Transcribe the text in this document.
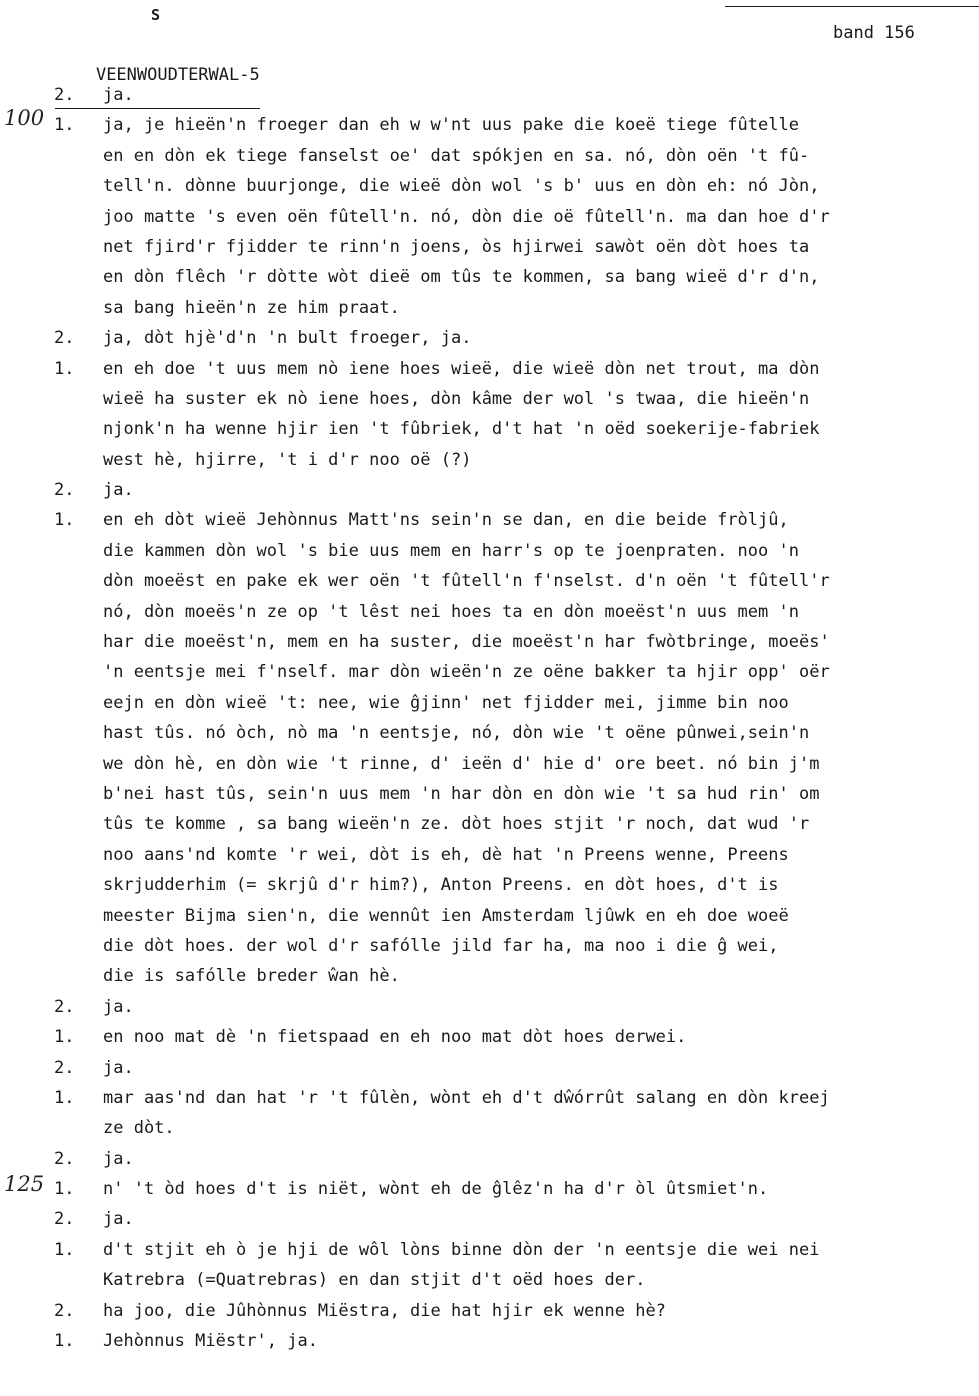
S

VEENWOUDTERWAL-5

band 156
100
125
2.	ja.
1.	ja, je hieën'n froeger dan eh w w'nt uus pake die koeë tiege fûtelle
en en dòn ek tiege fanselst oe' dat spókjen en sa. nó, dòn oën 't fû-
tell'n. dònne buurjonge, die wieë dòn wol 's b' uus en dòn eh: nó Jòn,
joo matte 's even oën fûtell'n. nó, dòn die oë fûtell'n. ma dan hoe d'r
net fjird'r fjidder te rinn'n joens, òs hjirwei sawòt oën dòt hoes ta
en dòn flêch 'r dòtte wòt dieë om tûs te kommen, sa bang wieë d'r d'n,
sa bang hieën'n ze him praat.
2.	ja, dòt hjè'd'n 'n bult froeger, ja.
1.	en eh doe 't uus mem nò iene hoes wieë, die wieë dòn net trout, ma dòn
wieë ha suster ek nò iene hoes, dòn kâme der wol 's twaa, die hieën'n
njonk'n ha wenne hjir ien 't fûbriek, d't hat 'n oëd soekerije-fabriek
west hè, hjirre, 't i d'r noo oë (?)
2.	ja.
1.	en eh dòt wieë Jehònnus Matt'ns sein'n se dan, en die beide fròljû,
die kammen dòn wol 's bie uus mem en harr's op te joenpraten. noo 'n
dòn moeëst en pake ek wer oën 't fûtell'n f'nselst. d'n oën 't fûtell'r
nó, dòn moeës'n ze op 't lêst nei hoes ta en dòn moeëst'n uus mem 'n
har die moeëst'n, mem en ha suster, die moeëst'n har fwòtbringe, moeës'
'n eentsje mei f'nself. mar dòn wieën'n ze oëne bakker ta hjir opp' oër
eejn en dòn wieë 't: nee, wie ĝjinn' net fjidder mei, jimme bin noo
hast tûs. nó òch, nò ma 'n eentsje, nó, dòn wie 't oëne pûnwei,sein'n
we dòn hè, en dòn wie 't rinne, d' ieën d' hie d' ore beet. nó bin j'm
b'nei hast tûs, sein'n uus mem 'n har dòn en dòn wie 't sa hud rin' om
tûs te komme , sa bang wieën'n ze. dòt hoes stjit 'r noch, dat wud 'r
noo aans'nd komte 'r wei, dòt is eh, dè hat 'n Preens wenne, Preens
skrjudderhim (= skrjû d'r him?), Anton Preens. en dòt hoes, d't is
meester Bijma sien'n, die wennût ien Amsterdam ljûwk en eh doe woeë
die dòt hoes. der wol d'r safólle jild far ha, ma noo i die ĝ wei,
die is safólle breder ŵan hè.
2.	ja.
1.	en noo mat dè 'n fietspaad en eh noo mat dòt hoes derwei.
2.	ja.
1.	mar aas'nd dan hat 'r 't fûlèn, wònt eh d't dŵórrût salang en dòn kreej
ze dòt.
2.	ja.
1.	n' 't òd hoes d't is niët, wònt eh de ĝlêz'n ha d'r òl ûtsmiet'n.
2.	ja.
1.	d't stjit eh ò je hji de wôl lòns binne dòn der 'n eentsje die wei nei
Katrebra (=Quatrebras) en dan stjit d't oëd hoes der.
2.	ha joo, die Jûhònnus Miëstra, die hat hjir ek wenne hè?
1.	Jehònnus Miëstr', ja.
